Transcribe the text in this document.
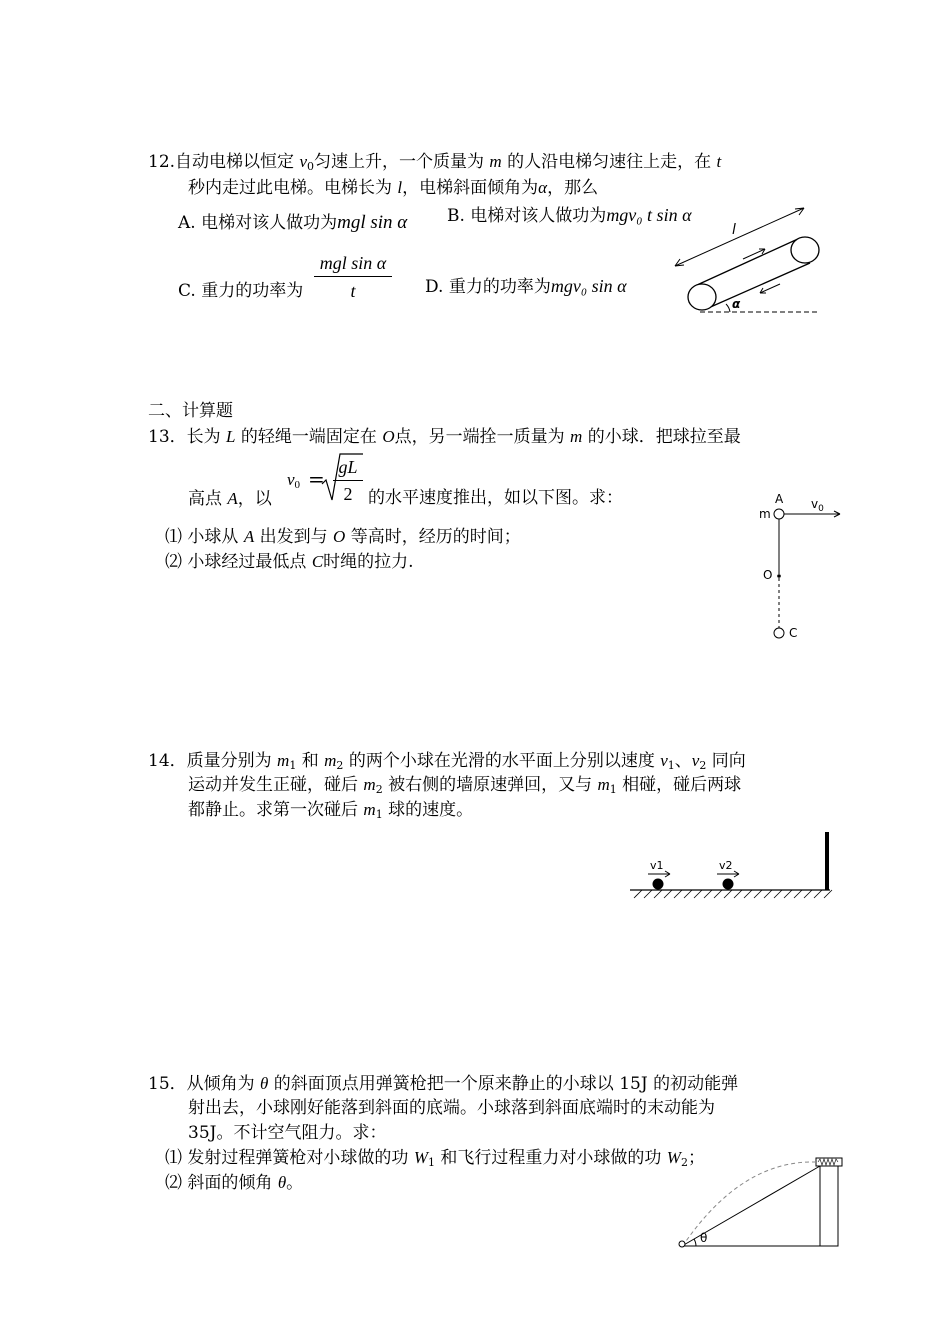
12.自动电梯以恒定 $v_0$匀速上升，一个质量为 m 的人沿电梯匀速往上走，在 t
秒内走过此电梯。电梯长为 l，电梯斜面倾角为α，那么
A. 电梯对该人做功为mgl sin α B. 电梯对该人做功为mgv₀ t sin α
C. 重力的功率为
mgl sin α
t	D. 重力的功率为mgv₀ sin α
l
α
二、计算题
13．长为 L 的轻绳一端固定在 O点，另一端拴一质量为 m 的小球．把球拉至最
高点 A，以
$v_0 = \frac{gL}{2}$ 的水平速度推出，如以下图。求：
⑴ 小球从 A 出发到与 O 等高时，经历的时间；
⑵ 小球经过最低点 C时绳的拉力.
A
m
$v_0$
O
C
14．质量分别为 $m_1$ 和 $m_2$ 的两个小球在光滑的水平面上分别以速度 $v_1$、$v_2$ 同向
运动并发生正碰，碰后 $m_2$ 被右侧的墙原速弹回，又与 $m_1$ 相碰，碰后两球
都静止。求第一次碰后 $m_1$ 球的速度。
v1	v2
15．从倾角为 θ 的斜面顶点用弹簧枪把一个原来静止的小球以 15J 的初动能弹
射出去，小球刚好能落到斜面的底端。小球落到斜面底端时的末动能为
35J。不计空气阻力。求：
⑴ 发射过程弹簧枪对小球做的功 $W_1$ 和飞行过程重力对小球做的功 $W_2$；
⑵ 斜面的倾角 θ。
θ
